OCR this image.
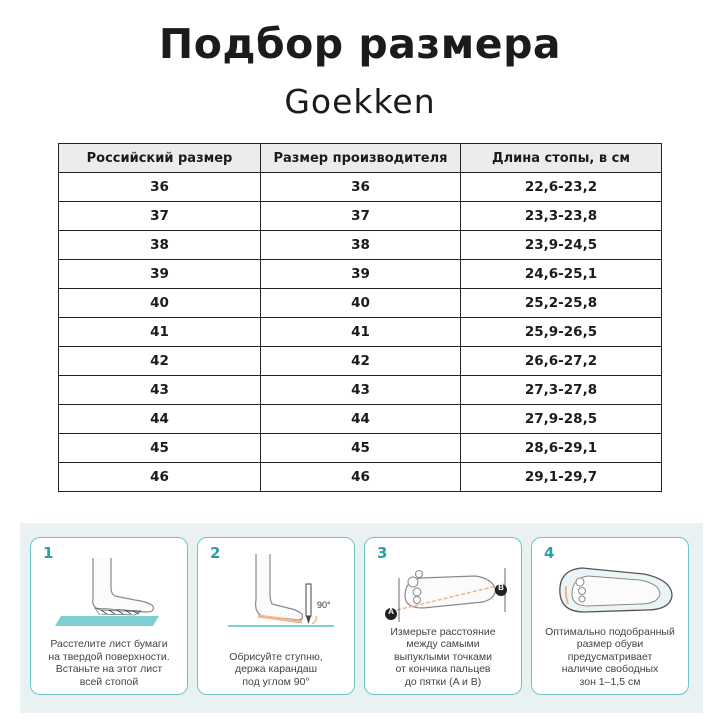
Подбор размера
Goekken
Российский размер	Размер производителя	Длина стопы, в см
36	36	22,6-23,2
37	37	23,3-23,8
38	38	23,9-24,5
39	39	24,6-25,1
40	40	25,2-25,8
41	41	25,9-26,5
42	42	26,6-27,2
43	43	27,3-27,8
44	44	27,9-28,5
45	45	28,6-29,1
46	46	29,1-29,7
1
Расстелите лист бумаги
на твердой поверхности.
Встаньте на этот лист
всей стопой
2
90°
Обрисуйте ступню,
держа карандаш
под углом 90°
3
A
B
Измерьте расстояние
между самыми
выпуклыми точками
от кончика пальцев
до пятки (A и B)
4
Оптимально подобранный
размер обуви
предусматривает
наличие свободных
зон 1–1,5 см
